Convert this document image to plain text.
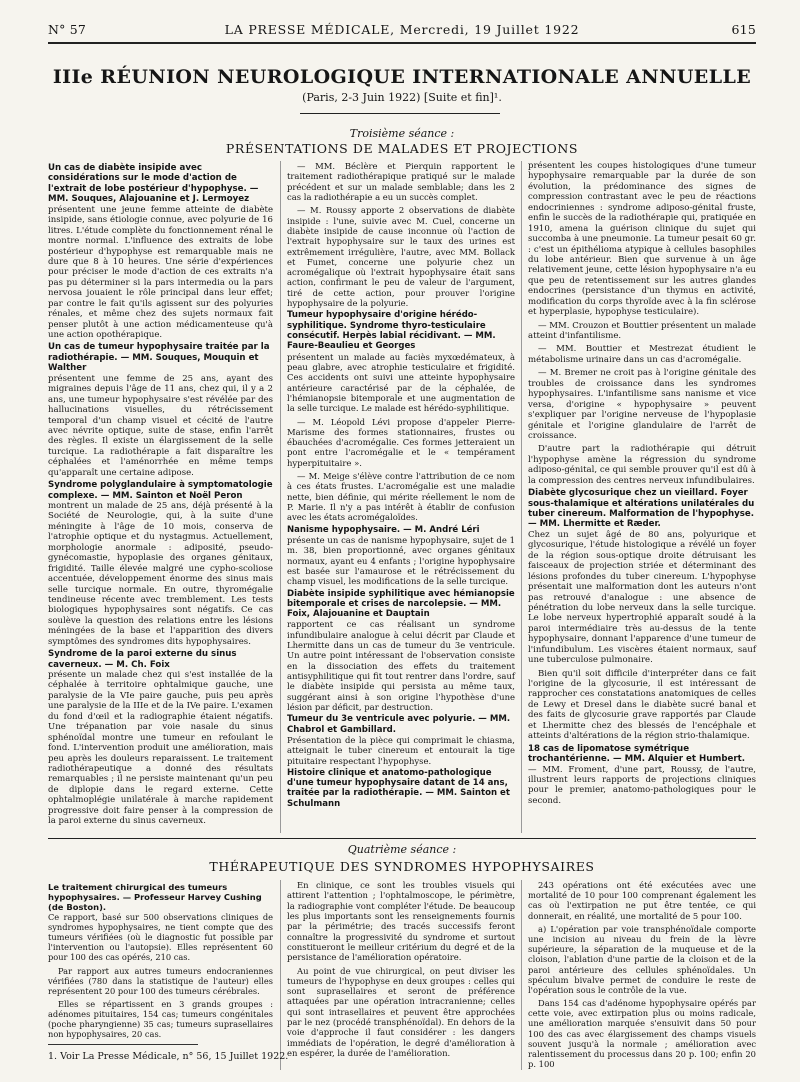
N° 57	LA PRESSE MÉDICALE, Mercredi, 19 Juillet 1922	615
IIIe RÉUNION NEUROLOGIQUE INTERNATIONALE ANNUELLE
(Paris, 2-3 Juin 1922) [Suite et fin]¹.
Troisième séance :
PRÉSENTATIONS DE MALADES ET PROJECTIONS
Un cas de diabète insipide avec considérations sur le mode d'action de l'extrait de lobe postérieur d'hypophyse. — MM. Souques, Alajouanine et J. Lermoyez

présentent une jeune femme atteinte de diabète insipide, sans étiologie connue, avec polyurie de 16 litres. L'étude complète du fonctionnement rénal le montre normal. L'influence des extraits de lobe postérieur d'hypophyse est remarquable mais ne dure que 8 à 10 heures. Une série d'expériences pour préciser le mode d'action de ces extraits n'a pas pu déterminer si la pars intermedia ou la pars nervosa jouaient le rôle principal dans leur effet; par contre le fait qu'ils agissent sur des polyuries rénales, et même chez des sujets normaux fait penser plutôt à une action médicamenteuse qu'à une action opothérapique.

Un cas de tumeur hypophysaire traitée par la radiothérapie. — MM. Souques, Mouquin et Walther

présentent une femme de 25 ans, ayant des migraines depuis l'âge de 11 ans, chez qui, il y a 2 ans, une tumeur hypophysaire s'est révélée par des hallucinations visuelles, du rétrécissement temporal d'un champ visuel et cécité de l'autre avec névrite optique, suite de stase, enfin l'arrêt des règles. Il existe un élargissement de la selle turcique. La radiothérapie a fait disparaître les céphalées et l'aménorrhée en même temps qu'apparaît une certaine adipose.

Syndrome polyglandulaire à symptomatologie complexe. — MM. Sainton et Noël Peron

montrent un malade de 25 ans, déjà présenté à la Société de Neurologie, qui, à la suite d'une méningite à l'âge de 10 mois, conserva de l'atrophie optique et du nystagmus. Actuellement, morphologie anormale : adiposité, pseudo-gynécomastie, hypoplasie des organes génitaux, frigidité. Taille élevée malgré une cypho-scoliose accentuée, développement énorme des sinus mais selle turcique normale. En outre, thyromégalie tendineuse récente avec tremblement. Les tests biologiques hypophysaires sont négatifs. Ce cas soulève la question des relations entre les lésions méningées de la base et l'apparition des divers symptômes des syndromes dits hypophysaires.

Syndrome de la paroi externe du sinus caverneux. — M. Ch. Foix

présente un malade chez qui s'est installée de la céphalée à territoire ophtalmique gauche, une paralysie de la VIe paire gauche, puis peu après une paralysie de la IIIe et de la IVe paire. L'examen du fond d'œil et la radiographie étaient négatifs. Une trépanation par voie nasale du sinus sphénoïdal montre une tumeur en refoulant le fond. L'intervention produit une amélioration, mais peu après les douleurs reparaissent. Le traitement radiothérapeutique a donné des résultats remarquables ; il ne persiste maintenant qu'un peu de diplopie dans le regard externe. Cette ophtalmoplégie unilatérale à marche rapidement progressive doit faire penser à la compression de la paroi externe du sinus caverneux.

— MM. Béclère et Pierquin rapportent le traitement radiothérapique pratiqué sur le malade précédent et sur un malade semblable; dans les 2 cas la radiothérapie a eu un succès complet.

— M. Roussy apporte 2 observations de diabète insipide : l'une, suivie avec M. Cuel, concerne un diabète insipide de cause inconnue où l'action de l'extrait hypophysaire sur le taux des urines est extrêmement irrégulière, l'autre, avec MM. Bollack et Fumet, concerne une polyurie chez un acromégalique où l'extrait hypophysaire était sans action, confirmant le peu de valeur de l'argument, tiré de cette action, pour prouver l'origine hypophysaire de la polyurie.

Tumeur hypophysaire d'origine hérédo-syphilitique. Syndrome thyro-testiculaire consécutif. Herpès labial récidivant. — MM. Faure-Beaulieu et Georges

présentent un malade au faciès myxœdémateux, à peau glabre, avec atrophie testiculaire et frigidité. Ces accidents ont suivi une atteinte hypophysaire antérieure caractérisé par de la céphalée, de l'hémianopsie bitemporale et une augmentation de la selle turcique. Le malade est hérédo-syphilitique.

— M. Léopold Lévi propose d'appeler Pierre-Marisme des formes stationnaires, frustes ou ébauchées d'acromégalie. Ces formes jetteraient un pont entre l'acromégalie et le « tempérament hyperpituitaire ».

— M. Meige s'élève contre l'attribution de ce nom à ces états frustes. L'acromégalie est une maladie nette, bien définie, qui mérite réellement le nom de P. Marie. Il n'y a pas intérêt à établir de confusion avec les états acromégaloïdes.

Nanisme hypophysaire. — M. André Léri

présente un cas de nanisme hypophysaire, sujet de 1 m. 38, bien proportionné, avec organes génitaux normaux, ayant eu 4 enfants ; l'origine hypophysaire est basée sur l'amaurose et le rétrécissement du champ visuel, les modifications de la selle turcique.

Diabète insipide syphilitique avec hémianopsie bitemporale et crises de narcolepsie. — MM. Foix, Alajouanine et Dauptain

rapportent ce cas réalisant un syndrome infundibulaire analogue à celui décrit par Claude et Lhermitte dans un cas de tumeur du 3e ventricule. Un autre point intéressant de l'observation consiste en la dissociation des effets du traitement antisyphilitique qui fit tout rentrer dans l'ordre, sauf le diabète insipide qui persista au même taux, suggérant ainsi à son origine l'hypothèse d'une lésion par déficit, par destruction.

Tumeur du 3e ventricule avec polyurie. — MM. Chabrol et Gambillard.

Présentation de la pièce qui comprimait le chiasma, atteignait le tuber cinereum et entourait la tige pituitaire respectant l'hypophyse.

Histoire clinique et anatomo-pathologique d'une tumeur hypophysaire datant de 14 ans, traitée par la radiothérapie. — MM. Sainton et Schulmann

présentent les coupes histologiques d'une tumeur hypophysaire remarquable par la durée de son évolution, la prédominance des signes de compression contrastant avec le peu de réactions endocriniennes : syndrome adiposo-génital fruste, enfin le succès de la radiothérapie qui, pratiquée en 1910, amena la guérison clinique du sujet qui succomba à une pneumonie. La tumeur pesait 60 gr. : c'est un épithélioma atypique à cellules basophiles du lobe antérieur. Bien que survenue à un âge relativement jeune, cette lésion hypophysaire n'a eu que peu de retentissement sur les autres glandes endocrines (persistance d'un thymus en activité, modification du corps thyroïde avec à la fin sclérose et hyperplasie, hypophyse testiculaire).

— MM. Crouzon et Bouttier présentent un malade atteint d'infantilisme.

— MM. Bouttier et Mestrezat étudient le métabolisme urinaire dans un cas d'acromégalie.

— M. Bremer ne croit pas à l'origine génitale des troubles de croissance dans les syndromes hypophysaires. L'infantilisme sans nanisme et vice versa, d'origine « hypophysaire » peuvent s'expliquer par l'origine nerveuse de l'hypoplasie génitale et l'origine glandulaire de l'arrêt de croissance.

D'autre part la radiothérapie qui détruit l'hypophyse amène la régression du syndrome adiposo-génital, ce qui semble prouver qu'il est dû à la compression des centres nerveux infundibulaires.

Diabète glycosurique chez un vieillard. Foyer sous-thalamique et altérations unilatérales du tuber cinereum. Malformation de l'hypophyse. — MM. Lhermitte et Ræder.

Chez un sujet âgé de 80 ans, polyurique et glycosurique, l'étude histologique a révélé un foyer de la région sous-optique droite détruisant les faisceaux de projection striée et déterminant des lésions profondes du tuber cinereum. L'hypophyse présentait une malformation dont les auteurs n'ont pas retrouvé d'analogue : une absence de pénétration du lobe nerveux dans la selle turcique. Le lobe nerveux hypertrophié apparaît soudé à la paroi intermédiaire très au-dessus de la tente hypophysaire, donnant l'apparence d'une tumeur de l'infundibulum. Les viscères étaient normaux, sauf une tuberculose pulmonaire.

Bien qu'il soit difficile d'interpréter dans ce fait l'origine de la glycosurie, il est intéressant de rapprocher ces constatations anatomiques de celles de Lewy et Dresel dans le diabète sucré banal et des faits de glycosurie grave rapportés par Claude et Lhermitte chez des blessés de l'encéphale et atteints d'altérations de la région strio-thalamique.

18 cas de lipomatose symétrique trochantérienne. — MM. Alquier et Humbert.

— MM. Froment, d'une part, Roussy, de l'autre, illustrent leurs rapports de projections cliniques pour le premier, anatomo-pathologiques pour le second.

Quatrième séance :
THÉRAPEUTIQUE DES SYNDROMES HYPOPHYSAIRES
Le traitement chirurgical des tumeurs hypophysaires. — Professeur Harvey Cushing (de Boston).

Ce rapport, basé sur 500 observations cliniques de syndromes hypophysaires, ne tient compte que des tumeurs vérifiées (où le diagnostic fut possible par l'intervention ou l'autopsie). Elles représentent 60 pour 100 des cas opérés, 210 cas.

Par rapport aux autres tumeurs endocraniennes vérifiées (780 dans la statistique de l'auteur) elles représentent 20 pour 100 des tumeurs cérébrales.

Elles se répartissent en 3 grands groupes : adénomes pituitaires, 154 cas; tumeurs congénitales (poche pharyngienne) 35 cas; tumeurs suprasellaires non hypophysaires, 20 cas.

En clinique, ce sont les troubles visuels qui attirent l'attention ; l'ophtalmoscope, le périmètre, la radiographie vont compléter l'étude. De beaucoup les plus importants sont les renseignements fournis par la périmétrie; des tracés successifs feront connaître la progressivité du syndrome et surtout constitueront le meilleur critérium du degré et de la persistance de l'amélioration opératoire.

Au point de vue chirurgical, on peut diviser les tumeurs de l'hypophyse en deux groupes : celles qui sont suprasellaires et seront de préférence attaquées par une opération intracranienne; celles qui sont intrasellaires et peuvent être approchées par le nez (procédé transphénoïdal). En dehors de la voie d'approche il faut considérer : les dangers immédiats de l'opération, le degré d'amélioration à en espérer, la durée de l'amélioration.

243 opérations ont été exécutées avec une mortalité de 10 pour 100 comprenant également les cas où l'extirpation ne put être tentée, ce qui donnerait, en réalité, une mortalité de 5 pour 100.

a) L'opération par voie transphénoïdale comporte une incision au niveau du frein de la lèvre supérieure, la séparation de la muqueuse et de la cloison, l'ablation d'une partie de la cloison et de la paroi antérieure des cellules sphénoïdales. Un spéculum bivalve permet de conduire le reste de l'opération sous le contrôle de la vue.

Dans 154 cas d'adénome hypophysaire opérés par cette voie, avec extirpation plus ou moins radicale, une amélioration marquée s'ensuivit dans 50 pour 100 des cas avec élargissement des champs visuels souvent jusqu'à la normale ; amélioration avec ralentissement du processus dans 20 p. 100; enfin 20 p. 100

1. Voir La Presse Médicale, n° 56, 15 Juillet 1922.
